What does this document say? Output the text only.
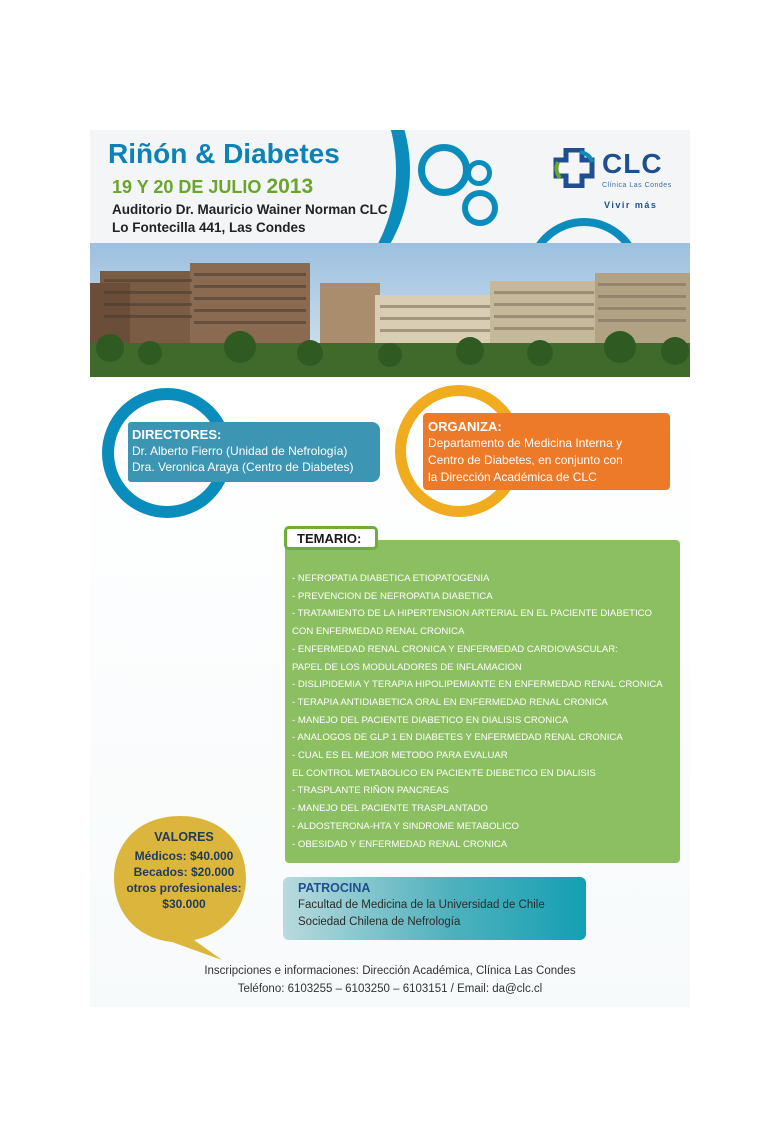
Riñón & Diabetes
19 Y 20 DE JULIO 2013
Auditorio Dr. Mauricio Wainer Norman CLC
Lo Fontecilla 441, Las Condes
CLC
Clínica Las Condes
Vivir más
DIRECTORES:
Dr. Alberto Fierro (Unidad de Nefrología)
Dra. Veronica Araya (Centro de Diabetes)
ORGANIZA:
Departamento de Medicina Interna y
Centro de Diabetes, en conjunto con
la Dirección Académica de CLC
TEMARIO:
- NEFROPATIA DIABETICA ETIOPATOGENIA
- PREVENCION DE NEFROPATIA DIABETICA
- TRATAMIENTO DE LA HIPERTENSION ARTERIAL EN EL PACIENTE DIABETICO
CON ENFERMEDAD RENAL CRONICA
- ENFERMEDAD RENAL CRONICA Y ENFERMEDAD CARDIOVASCULAR:
PAPEL DE LOS MODULADORES DE INFLAMACION
- DISLIPIDEMIA Y TERAPIA HIPOLIPEMIANTE EN ENFERMEDAD RENAL CRONICA
- TERAPIA ANTIDIABETICA ORAL EN ENFERMEDAD RENAL CRONICA
- MANEJO DEL PACIENTE DIABETICO EN DIALISIS CRONICA
- ANALOGOS DE GLP 1 EN DIABETES Y ENFERMEDAD RENAL CRONICA
- CUAL ES EL MEJOR METODO PARA EVALUAR
EL CONTROL METABOLICO EN PACIENTE DIEBETICO EN DIALISIS
- TRASPLANTE RIÑON PANCREAS
- MANEJO DEL PACIENTE TRASPLANTADO
- ALDOSTERONA-HTA Y SINDROME METABOLICO
- OBESIDAD Y ENFERMEDAD RENAL CRONICA
VALORES
Médicos: $40.000
Becados: $20.000
otros profesionales:
$30.000
PATROCINA
Facultad de Medicina de la Universidad de Chile
Sociedad Chilena de Nefrología
Inscripciones e informaciones: Dirección Académica, Clínica Las Condes
Teléfono: 6103255 – 6103250 – 6103151 / Email: da@clc.cl
